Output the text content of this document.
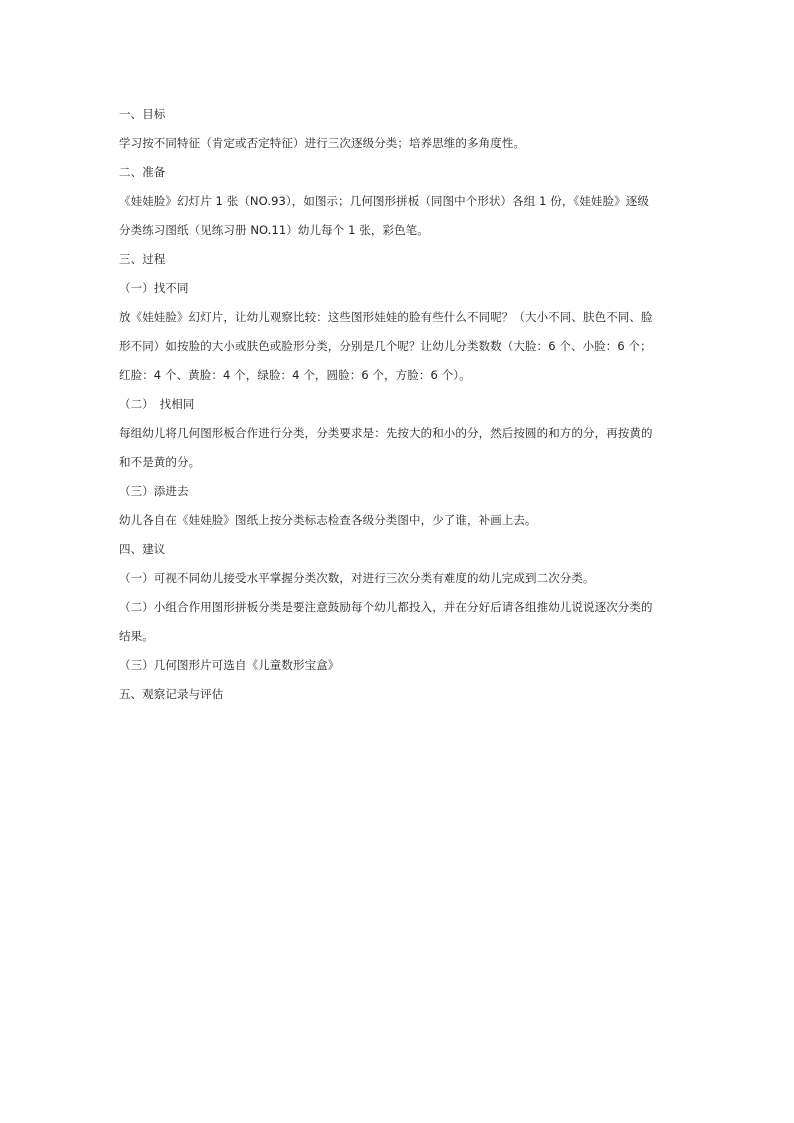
一、目标
学习按不同特征（肯定或否定特征）进行三次逐级分类；培养思维的多角度性。
二、准备
《娃娃脸》幻灯片 1 张（NO.93），如图示；几何图形拼板（同图中个形状）各组 1 份，《娃娃脸》逐级
分类练习图纸（见练习册 NO.11）幼儿每个 1 张，彩色笔。
三、过程
（一）找不同
放《娃娃脸》幻灯片，让幼儿观察比较：这些图形娃娃的脸有些什么不同呢？（大小不同、肤色不同、脸
形不同）如按脸的大小或肤色或脸形分类，分别是几个呢？让幼儿分类数数（大脸：6 个、小脸：6 个；
红脸：4 个、黄脸：4 个，绿脸：4 个，圆脸：6 个，方脸：6 个）。
（二）　找相同
每组幼儿将几何图形板合作进行分类，分类要求是：先按大的和小的分，然后按圆的和方的分，再按黄的
和不是黄的分。
（三）添进去
幼儿各自在《娃娃脸》图纸上按分类标志检查各级分类图中，少了谁，补画上去。
四、建议
（一）可视不同幼儿接受水平掌握分类次数，对进行三次分类有难度的幼儿完成到二次分类。
（二）小组合作用图形拼板分类是要注意鼓励每个幼儿都投入，并在分好后请各组推幼儿说说逐次分类的
结果。
（三）几何图形片可选自《儿童数形宝盒》
五、观察记录与评估
